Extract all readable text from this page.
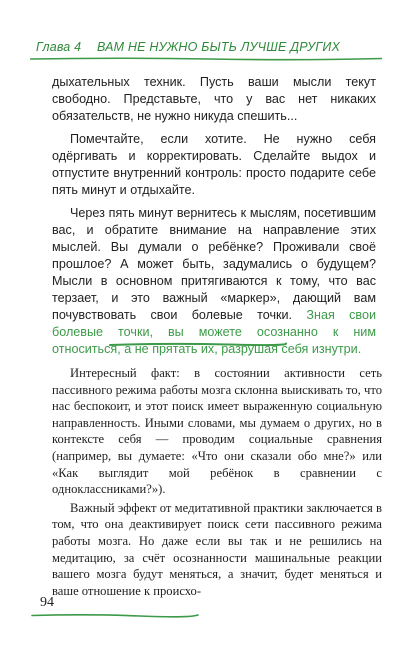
Глава 4 ВАМ НЕ НУЖНО БЫТЬ ЛУЧШЕ ДРУГИХ

дыхательных техник. Пусть ваши мысли текут свободно. Представьте, что у вас нет никаких обязательств, не нужно никуда спешить...

Помечтайте, если хотите. Не нужно себя одёргивать и корректировать. Сделайте выдох и отпустите внутренний контроль: просто подарите себе пять минут и отдыхайте.

Через пять минут вернитесь к мыслям, посетившим вас, и обратите внимание на направление этих мыслей. Вы думали о ребёнке? Проживали своё прошлое? А может быть, задумались о будущем? Мысли в основном притягиваются к тому, что вас терзает, и это важный «маркер», дающий вам почувствовать свои болевые точки. Зная свои болевые точки, вы можете осознанно к ним относиться, а не прятать их, разрушая себя изнутри.

Интересный факт: в состоянии активности сеть пассивного режима работы мозга склонна выискивать то, что нас беспокоит, и этот поиск имеет выраженную социальную направленность. Иными словами, мы думаем о других, но в контексте себя — проводим социальные сравнения (например, вы думаете: «Что они сказали обо мне?» или «Как выглядит мой ребёнок в сравнении с одноклассниками?»).

Важный эффект от медитативной практики заключается в том, что она деактивирует поиск сети пассивного режима работы мозга. Но даже если вы так и не решились на медитацию, за счёт осознанности машинальные реакции вашего мозга будут меняться, а значит, будет меняться и ваше отношение к происхо-

94
